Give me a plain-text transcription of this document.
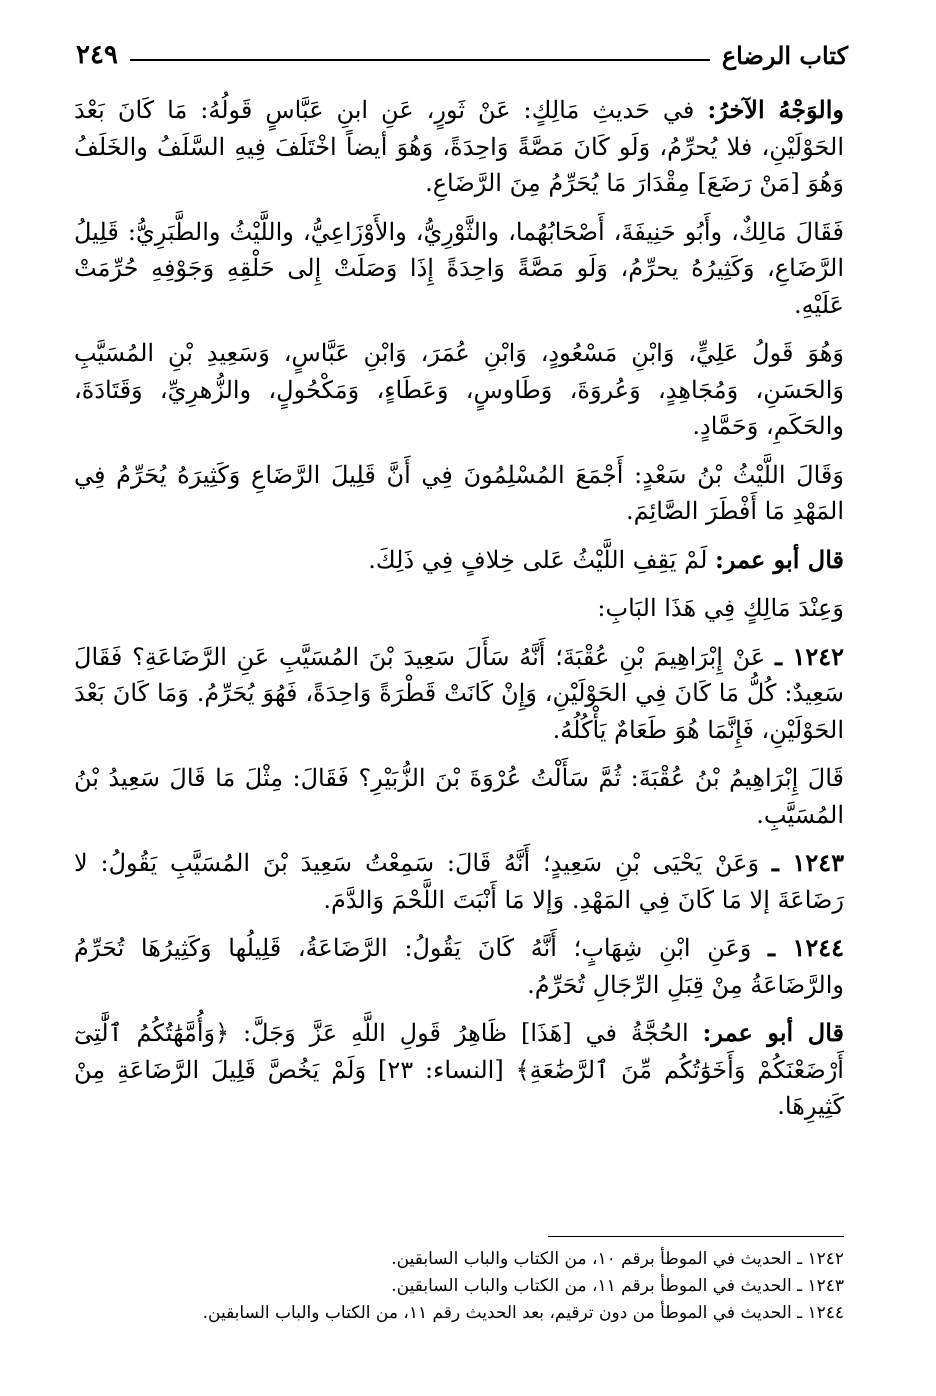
كتاب الرضاع
٢٤٩

والوَجْهُ الآخرُ: في حَديثِ مَالِكٍ: عَنْ ثَورٍ، عَنِ ابنِ عَبَّاسٍ قَولُهُ: مَا كَانَ بَعْدَ الحَوْلَيْنِ، فلا يُحرِّمُ، وَلَو كَانَ مَصَّةً وَاحِدَةً، وَهُوَ أيضاً اخْتَلَفَ فِيهِ السَّلَفُ والخَلَفُ وَهُوَ [مَنْ رَضَعَ] مِقْدَارَ مَا يُحَرِّمُ مِنَ الرَّضَاعِ.

فَقَالَ مَالِكٌ، وأَبُو حَنِيفَةَ، أَصْحَابُهُما، والثَّوْرِيُّ، والأَوْزَاعِيُّ، واللَّيْثُ والطَّبَرِيُّ: قَلِيلُ الرَّضَاعِ، وَكَثِيرُهُ يحرِّمُ، وَلَو مَصَّةً وَاحِدَةً إِذَا وَصَلَتْ إِلى حَلْقِهِ وَجَوْفِهِ حُرِّمَتْ عَلَيْهِ.

وَهُوَ قَولُ عَلِيٍّ، وَابْنِ مَسْعُودٍ، وَابْنِ عُمَرَ، وَابْنِ عَبَّاسٍ، وَسَعِيدِ بْنِ المُسَيَّبِ وَالحَسَنِ، وَمُجَاهِدٍ، وَعُروَةَ، وَطَاوسٍ، وَعَطَاءٍ، وَمَكْحُولٍ، والزُّهرِيِّ، وَقَتَادَةَ، والحَكَمِ، وَحَمَّادٍ.

وَقَالَ اللَّيْثُ بْنُ سَعْدٍ: أَجْمَعَ المُسْلِمُونَ فِي أَنَّ قَلِيلَ الرَّضَاعِ وَكَثِيرَهُ يُحَرِّمُ فِي المَهْدِ مَا أَفْطَرَ الصَّائِمَ.

قال أبو عمر: لَمْ يَقِفِ اللَّيْثُ عَلى خِلافٍ فِي ذَلِكَ.

وَعِنْدَ مَالِكٍ فِي هَذَا البَابِ:

١٢٤٢ ـ عَنْ إِبْرَاهِيمَ بْنِ عُقْبَةَ؛ أَنَّهُ سَأَلَ سَعِيدَ بْنَ المُسَيَّبِ عَنِ الرَّضَاعَةِ؟ فَقَالَ سَعِيدٌ: كُلُّ مَا كَانَ فِي الحَوْلَيْنِ، وَإِنْ كَانَتْ قَطْرَةً وَاحِدَةً، فَهُوَ يُحَرِّمُ. وَمَا كَانَ بَعْدَ الحَوْلَيْنِ، فَإِنَّمَا هُوَ طَعَامٌ يَأْكُلُهُ.

قَالَ إِبْرَاهِيمُ بْنُ عُقْبَةَ: ثُمَّ سَأَلْتُ عُرْوَةَ بْنَ الزُّبَيْرِ؟ فَقَالَ: مِثْلَ مَا قَالَ سَعِيدُ بْنُ المُسَيَّبِ.

١٢٤٣ ـ وَعَنْ يَحْيَى بْنِ سَعِيدٍ؛ أَنَّهُ قَالَ: سَمِعْتُ سَعِيدَ بْنَ المُسَيَّبِ يَقُولُ: لا رَضَاعَةَ إلا مَا كَانَ فِي المَهْدِ. وَإلا مَا أَنْبَتَ اللَّحْمَ وَالدَّمَ.

١٢٤٤ ـ وَعَنِ ابْنِ شِهَابٍ؛ أَنَّهُ كَانَ يَقُولُ: الرَّضَاعَةُ، قَلِيلُها وَكَثِيرُهَا تُحَرِّمُ والرَّضَاعَةُ مِنْ قِبَلِ الرِّجَالِ تُحَرِّمُ.

قال أبو عمر: الحُجَّةُ في [هَذَا] ظَاهِرُ قَولِ اللَّهِ عَزَّ وَجَلَّ: ﴿وَأُمَّهَٰتُكُمُ ٱلَّٰتِىٓ أَرْضَعْنَكُمْ وَأَخَوَٰتُكُم مِّنَ ٱلرَّضَٰعَةِ﴾ [النساء: ٢٣] وَلَمْ يَخُصَّ قَلِيلَ الرَّضَاعَةِ مِنْ كَثِيرِهَا.

١٢٤٢ ـ الحديث في الموطأ برقم ١٠، من الكتاب والباب السابقين.

١٢٤٣ ـ الحديث في الموطأ برقم ١١، من الكتاب والباب السابقين.

١٢٤٤ ـ الحديث في الموطأ من دون ترقيم، بعد الحديث رقم ١١، من الكتاب والباب السابقين.
